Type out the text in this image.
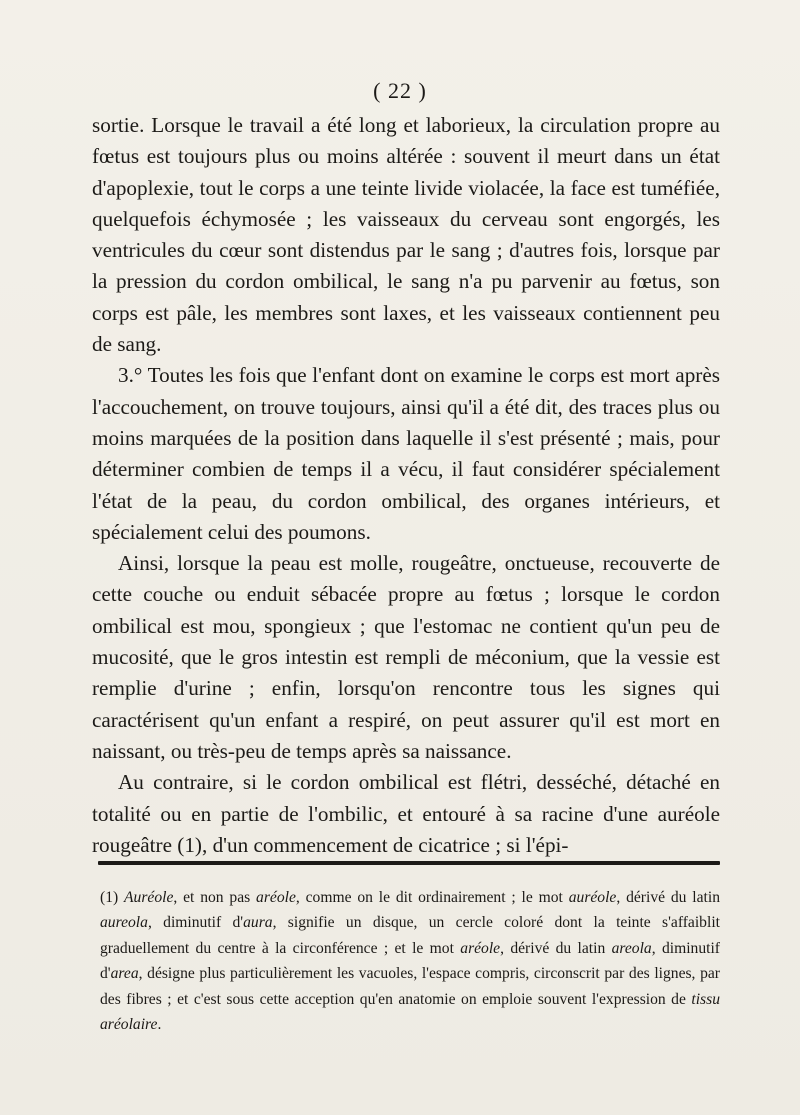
( 22 )

sortie. Lorsque le travail a été long et laborieux, la circulation propre au fœtus est toujours plus ou moins altérée : souvent il meurt dans un état d'apoplexie, tout le corps a une teinte livide violacée, la face est tuméfiée, quelquefois échymosée ; les vaisseaux du cerveau sont engorgés, les ventricules du cœur sont distendus par le sang ; d'autres fois, lorsque par la pression du cordon ombilical, le sang n'a pu parvenir au fœtus, son corps est pâle, les membres sont laxes, et les vaisseaux contiennent peu de sang.

3.° Toutes les fois que l'enfant dont on examine le corps est mort après l'accouchement, on trouve toujours, ainsi qu'il a été dit, des traces plus ou moins marquées de la position dans laquelle il s'est présenté ; mais, pour déterminer combien de temps il a vécu, il faut considérer spécialement l'état de la peau, du cordon ombilical, des organes intérieurs, et spécialement celui des poumons.

Ainsi, lorsque la peau est molle, rougeâtre, onctueuse, recouverte de cette couche ou enduit sébacée propre au fœtus ; lorsque le cordon ombilical est mou, spongieux ; que l'estomac ne contient qu'un peu de mucosité, que le gros intestin est rempli de méconium, que la vessie est remplie d'urine ; enfin, lorsqu'on rencontre tous les signes qui caractérisent qu'un enfant a respiré, on peut assurer qu'il est mort en naissant, ou très-peu de temps après sa naissance.

Au contraire, si le cordon ombilical est flétri, desséché, détaché en totalité ou en partie de l'ombilic, et entouré à sa racine d'une auréole rougeâtre (1), d'un commencement de cicatrice ; si l'épi-

(1) Auréole, et non pas aréole, comme on le dit ordinairement ; le mot auréole, dérivé du latin aureola, diminutif d'aura, signifie un disque, un cercle coloré dont la teinte s'affaiblit graduellement du centre à la circonférence ; et le mot aréole, dérivé du latin areola, diminutif d'area, désigne plus particulièrement les vacuoles, l'espace compris, circonscrit par des lignes, par des fibres ; et c'est sous cette acception qu'en anatomie on emploie souvent l'expression de tissu aréolaire.
